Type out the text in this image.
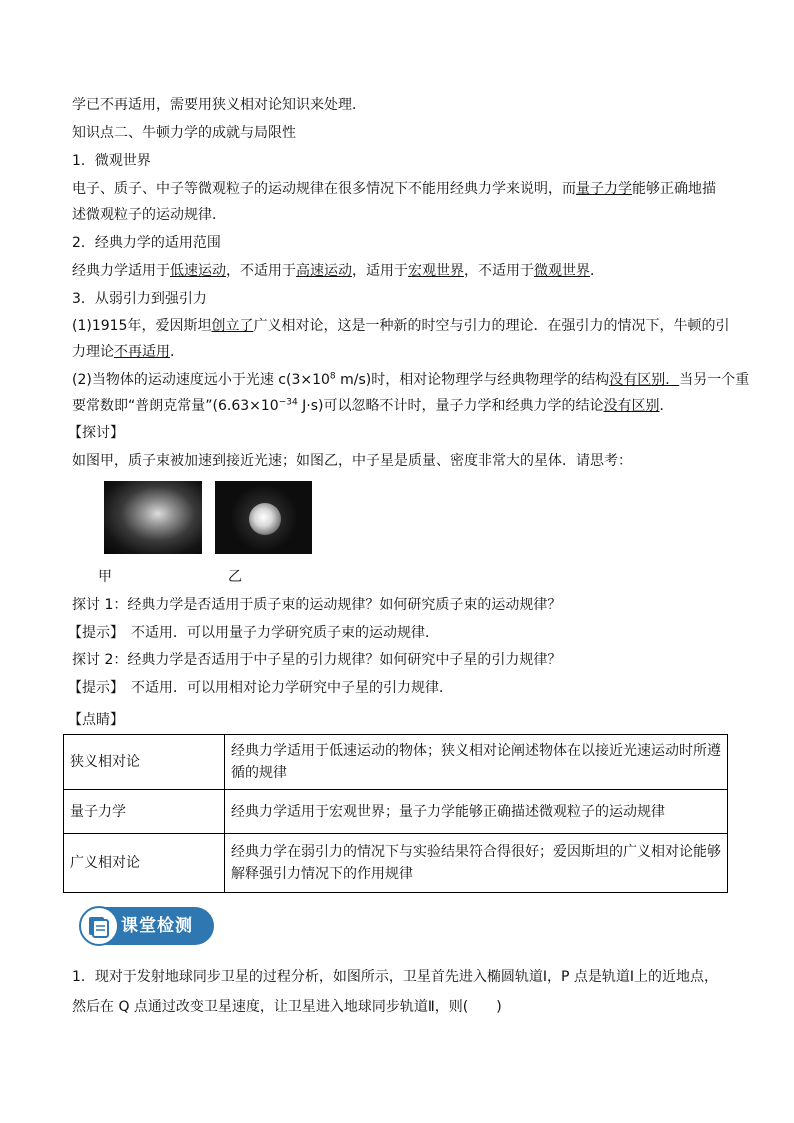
学已不再适用，需要用狭义相对论知识来处理．
知识点二、牛顿力学的成就与局限性
1．微观世界
电子、质子、中子等微观粒子的运动规律在很多情况下不能用经典力学来说明，而量子力学能够正确地描
述微观粒子的运动规律．
2．经典力学的适用范围
经典力学适用于低速运动，不适用于高速运动，适用于宏观世界，不适用于微观世界．
3．从弱引力到强引力
(1)1915年，爱因斯坦创立了广义相对论，这是一种新的时空与引力的理论．在强引力的情况下，牛顿的引
力理论不再适用．
(2)当物体的运动速度远小于光速 $c(3\times 10^8$ m/s)时，相对论物理学与经典物理学的结构没有区别．当另一个重
要常数即“普朗克常量$”(6.63\times 10^{-34}$ J·s)可以忽略不计时，量子力学和经典力学的结论没有区别．
【探讨】
如图甲，质子束被加速到接近光速；如图乙，中子星是质量、密度非常大的星体．请思考：
甲	乙
探讨 1：经典力学是否适用于质子束的运动规律？如何研究质子束的运动规律？
【提示】　不适用．可以用量子力学研究质子束的运动规律．
探讨 2：经典力学是否适用于中子星的引力规律？如何研究中子星的引力规律？
【提示】　不适用．可以用相对论力学研究中子星的引力规律．
【点睛】
狭义相对论	经典力学适用于低速运动的物体；狭义相对论阐述物体在以接近光速运动时所遵
循的规律

量子力学	经典力学适用于宏观世界；量子力学能够正确描述微观粒子的运动规律
广义相对论	经典力学在弱引力的情况下与实验结果符合得很好；爱因斯坦的广义相对论能够
解释强引力情况下的作用规律
课堂检测
1．现对于发射地球同步卫星的过程分析，如图所示，卫星首先进入椭圆轨道Ⅰ，P 点是轨道Ⅰ上的近地点，
然后在 Q 点通过改变卫星速度，让卫星进入地球同步轨道Ⅱ，则(　　)
